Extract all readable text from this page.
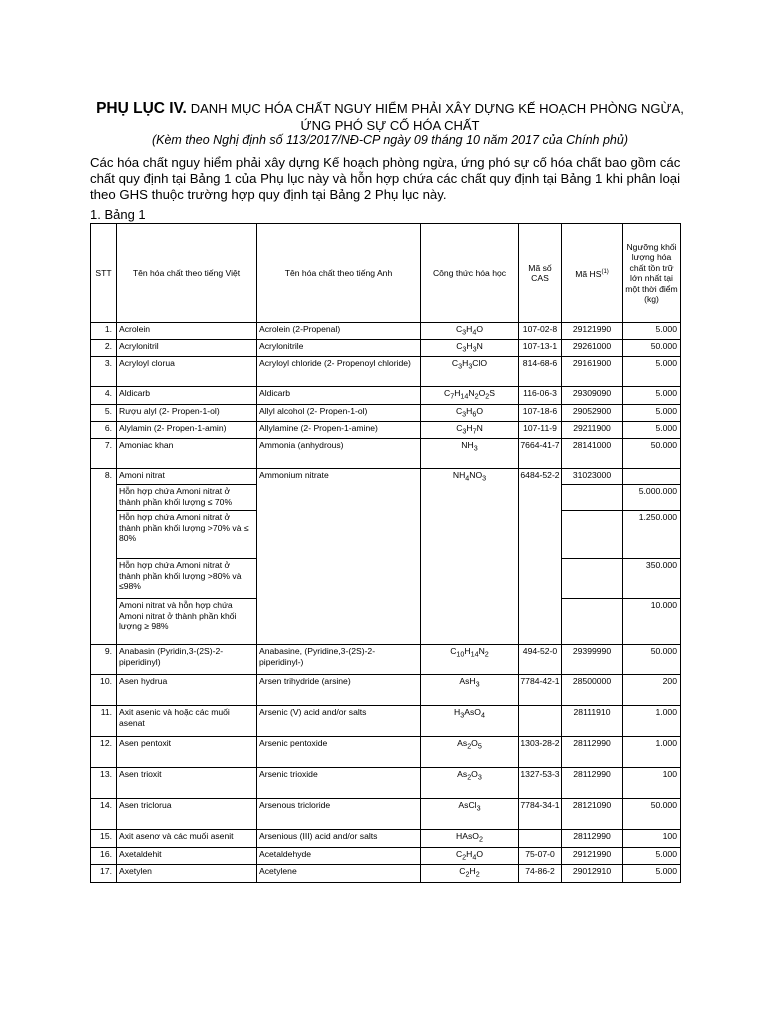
PHỤ LỤC IV. DANH MỤC HÓA CHẤT NGUY HIỂM PHẢI XÂY DỰNG KẾ HOẠCH PHÒNG NGỪA,
ỨNG PHÓ SỰ CỐ HÓA CHẤT
(Kèm theo Nghị định số 113/2017/NĐ-CP ngày 09 tháng 10 năm 2017 của Chính phủ)
Các hóa chất nguy hiểm phải xây dựng Kế hoạch phòng ngừa, ứng phó sự cố hóa chất bao gồm các chất quy định tại Bảng 1 của Phụ lục này và hỗn hợp chứa các chất quy định tại Bảng 1 khi phân loại theo GHS thuộc trường hợp quy định tại Bảng 2 Phụ lục này.
1. Bảng 1
STT	Tên hóa chất theo tiếng Việt	Tên hóa chất theo tiếng Anh	Công thức hóa học	Mã số CAS	Mã HS$^{(1)}$	Ngưỡng khối lượng hóa chất tồn trữ lớn nhất tại một thời điểm (kg)
1.	Acrolein	Acrolein (2-Propenal)	$C_3H_4O$	107-02-8	29121990	5.000
2.	Acrylonitril	Acrylonitrile	$C_3H_3N$	107-13-1	29261000	50.000
3.	Acryloyl clorua	Acryloyl chloride (2- Propenoyl chloride)	$C_3H_3ClO$	814-68-6	29161900	5.000
4.	Aldicarb	Aldicarb	$C_7H_{14}N_2O_2S$	116-06-3	29309090	5.000
5.	Rượu alyl (2- Propen-1-ol)	Allyl alcohol (2- Propen-1-ol)	$C_3H_6O$	107-18-6	29052900	5.000
6.	Alylamin (2- Propen-1-amin)	Allylamine (2- Propen-1-amine)	$C_3H_7N$	107-11-9	29211900	5.000
7.	Amoniac khan	Ammonia (anhydrous)	$NH_3$	7664-41-7	28141000	50.000
8.	Amoni nitrat	Ammonium nitrate	$NH_4NO_3$	6484-52-2	31023000	
	Hỗn hợp chứa Amoni nitrat ở thành phần khối lượng ≤ 70%					5.000.000
	Hỗn hợp chứa Amoni nitrat ở thành phần khối lượng >70% và ≤ 80%					1.250.000
	Hỗn hợp chứa Amoni nitrat ở thành phần khối lượng >80% và ≤98%					350.000
	Amoni nitrat và hỗn hợp chứa Amoni nitrat ở thành phần khối lượng ≥ 98%					10.000
9.	Anabasin (Pyridin,3-(2S)-2-piperidinyl)	Anabasine, (Pyridine,3-(2S)-2-piperidinyl-)	$C_{10}H_{14}N_2$	494-52-0	29399990	50.000
10.	Asen hydrua	Arsen trihydride (arsine)	AsH$_3$	7784-42-1	28500000	200
11.	Axit asenic và hoặc các muối asenat	Arsenic (V) acid and/or salts	$H_3AsO_4$		28111910	1.000
12.	Asen pentoxit	Arsenic pentoxide	$As_2O_5$	1303-28-2	28112990	1.000
13.	Asen trioxit	Arsenic trioxide	$As_2O_3$	1327-53-3	28112990	100
14.	Asen triclorua	Arsenous tricloride	AsCl$_3$	7784-34-1	28121090	50.000
15.	Axit asenơ và các muối asenit	Arsenious (III) acid and/or salts	HAsO$_2$		28112990	100
16.	Axetaldehit	Acetaldehyde	$C_2H_4O$	75-07-0	29121990	5.000
17.	Axetylen	Acetylene	$C_2H_2$	74-86-2	29012910	5.000
